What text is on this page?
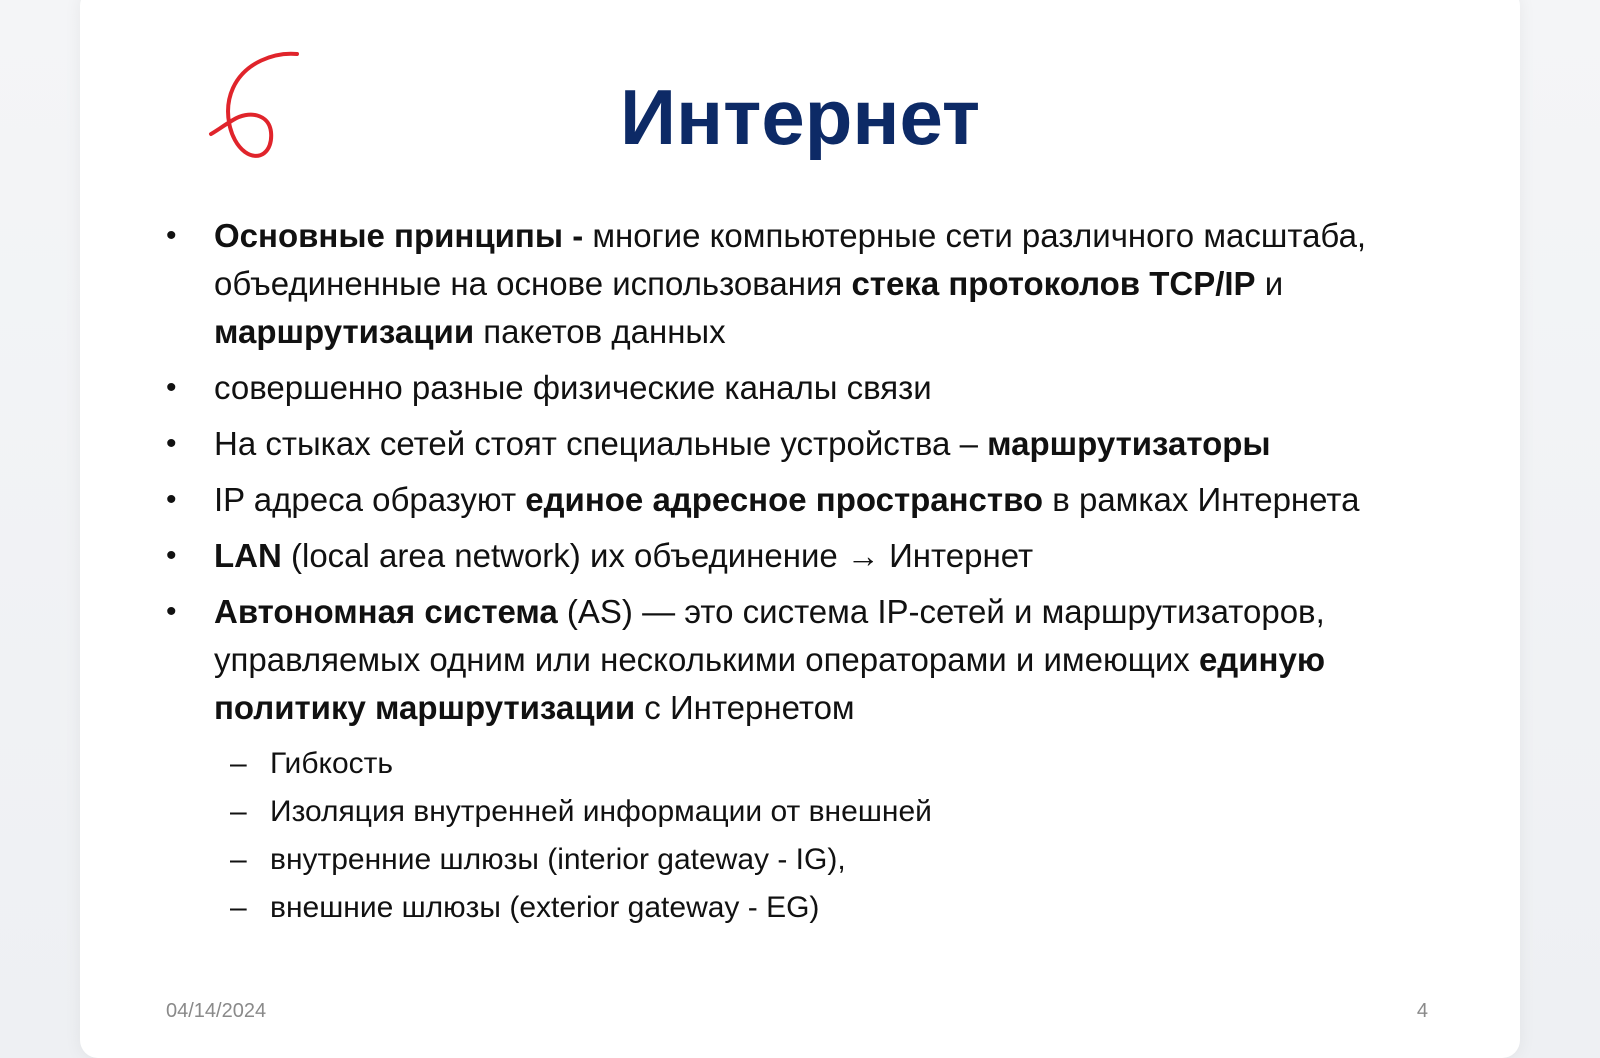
Интернет
• Основные принципы - многие компьютерные сети различного масштаба, объединенные на основе использования стека протоколов TCP/IP и маршрутизации пакетов данных
• совершенно разные физические каналы связи
• На стыках сетей стоят специальные устройства – маршрутизаторы
• IP адреса образуют единое адресное пространство в рамках Интернета
• LAN (local area network) их объединение → Интернет
• Автономная система (AS) — это система IP-сетей и маршрутизаторов, управляемых одним или несколькими операторами и имеющих единую политику маршрутизации с Интернетом
– Гибкость
– Изоляция внутренней информации от внешней
– внутренние шлюзы (interior gateway - IG),
– внешние шлюзы (exterior gateway - EG)
04/14/2024	4
